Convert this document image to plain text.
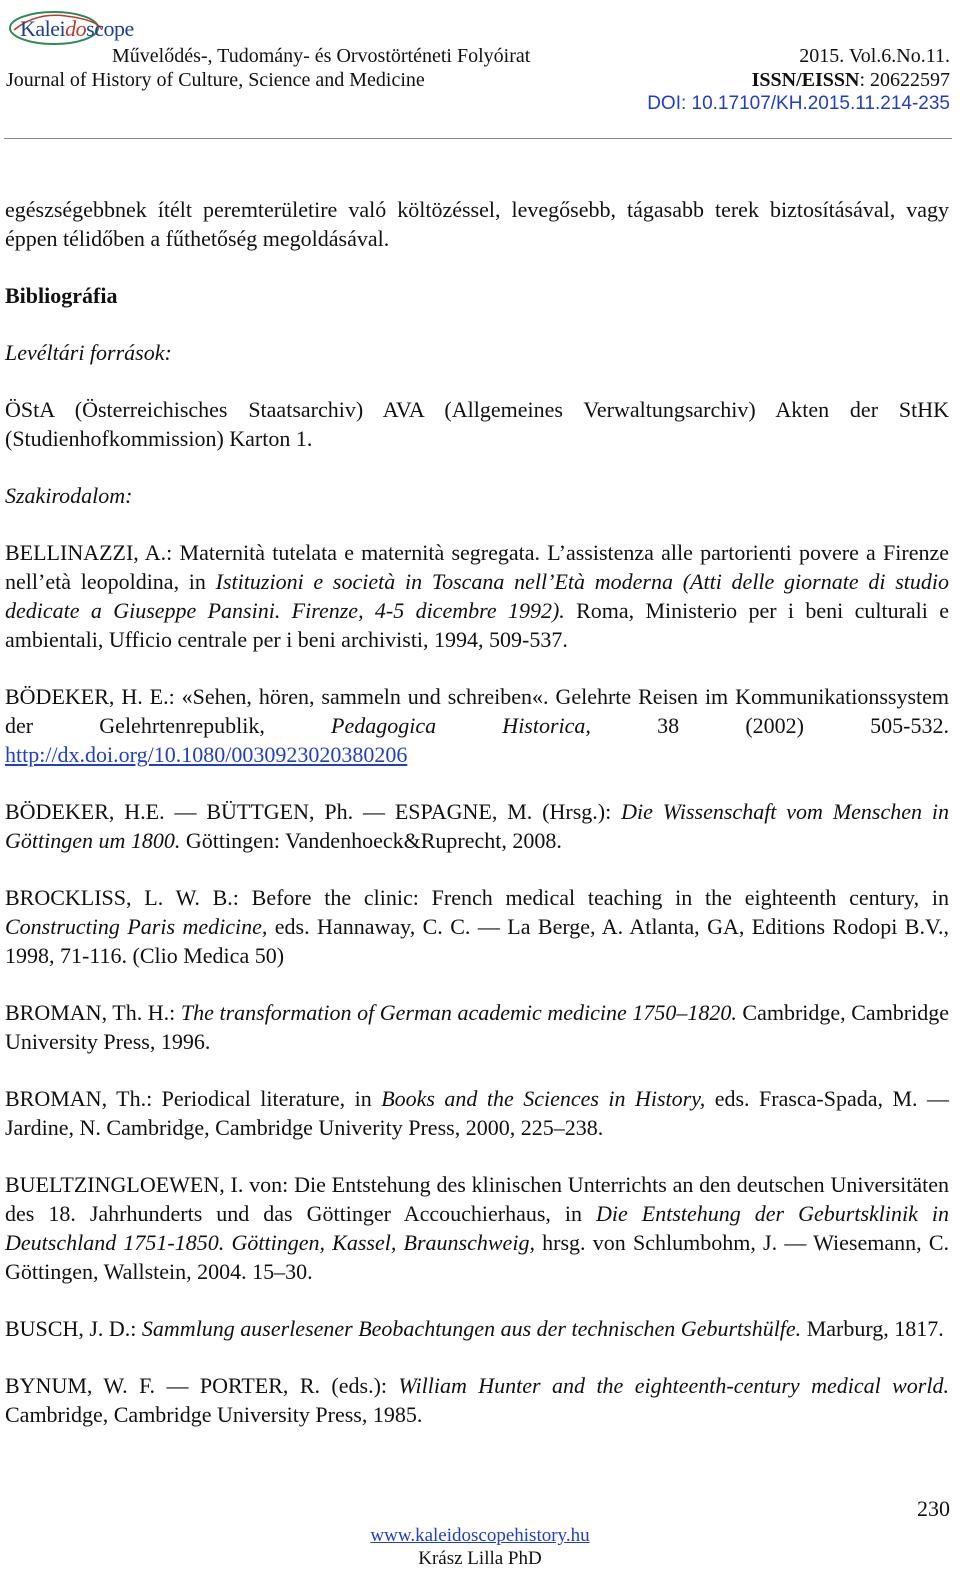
Kaleidoscope
Művelődés-, Tudomány- és Orvostörténeti Folyóirat
Journal of History of Culture, Science and Medicine
2015. Vol.6.No.11.
ISSN/EISSN: 20622597
DOI: 10.17107/KH.2015.11.214-235

egészségebbnek ítélt peremterületire való költözéssel, levegősebb, tágasabb terek biztosításával, vagy éppen télidőben a fűthetőség megoldásával.

Bibliográfia

Levéltári források:

ÖStA (Österreichisches Staatsarchiv) AVA (Allgemeines Verwaltungsarchiv) Akten der StHK (Studienhofkommission) Karton 1.

Szakirodalom:

BELLINAZZI, A.: Maternità tutelata e maternità segregata. L’assistenza alle partorienti povere a Firenze nell’età leopoldina, in Istituzioni e società in Toscana nell’Età moderna (Atti delle giornate di studio dedicate a Giuseppe Pansini. Firenze, 4-5 dicembre 1992). Roma, Ministerio per i beni culturali e ambientali, Ufficio centrale per i beni archivisti, 1994, 509-537.

BÖDEKER, H. E.: «Sehen, hören, sammeln und schreiben«. Gelehrte Reisen im Kommunikationssystem der Gelehrtenrepublik, Pedagogica Historica, 38 (2002) 505-532. http://dx.doi.org/10.1080/0030923020380206

BÖDEKER, H.E. — BÜTTGEN, Ph. — ESPAGNE, M. (Hrsg.): Die Wissenschaft vom Menschen in Göttingen um 1800. Göttingen: Vandenhoeck&Ruprecht, 2008.

BROCKLISS, L. W. B.: Before the clinic: French medical teaching in the eighteenth century, in Constructing Paris medicine, eds. Hannaway, C. C. — La Berge, A. Atlanta, GA, Editions Rodopi B.V., 1998, 71-116. (Clio Medica 50)

BROMAN, Th. H.: The transformation of German academic medicine 1750–1820. Cambridge, Cambridge University Press, 1996.

BROMAN, Th.: Periodical literature, in Books and the Sciences in History, eds. Frasca-Spada, M. — Jardine, N. Cambridge, Cambridge Univerity Press, 2000, 225–238.

BUELTZINGLOEWEN, I. von: Die Entstehung des klinischen Unterrichts an den deutschen Universitäten des 18. Jahrhunderts und das Göttinger Accouchierhaus, in Die Entstehung der Geburtsklinik in Deutschland 1751-1850. Göttingen, Kassel, Braunschweig, hrsg. von Schlumbohm, J. — Wiesemann, C. Göttingen, Wallstein, 2004. 15–30.

BUSCH, J. D.: Sammlung auserlesener Beobachtungen aus der technischen Geburtshülfe. Marburg, 1817.

BYNUM, W. F. — PORTER, R. (eds.): William Hunter and the eighteenth-century medical world. Cambridge, Cambridge University Press, 1985.

230
www.kaleidoscopehistory.hu
Krász Lilla PhD
